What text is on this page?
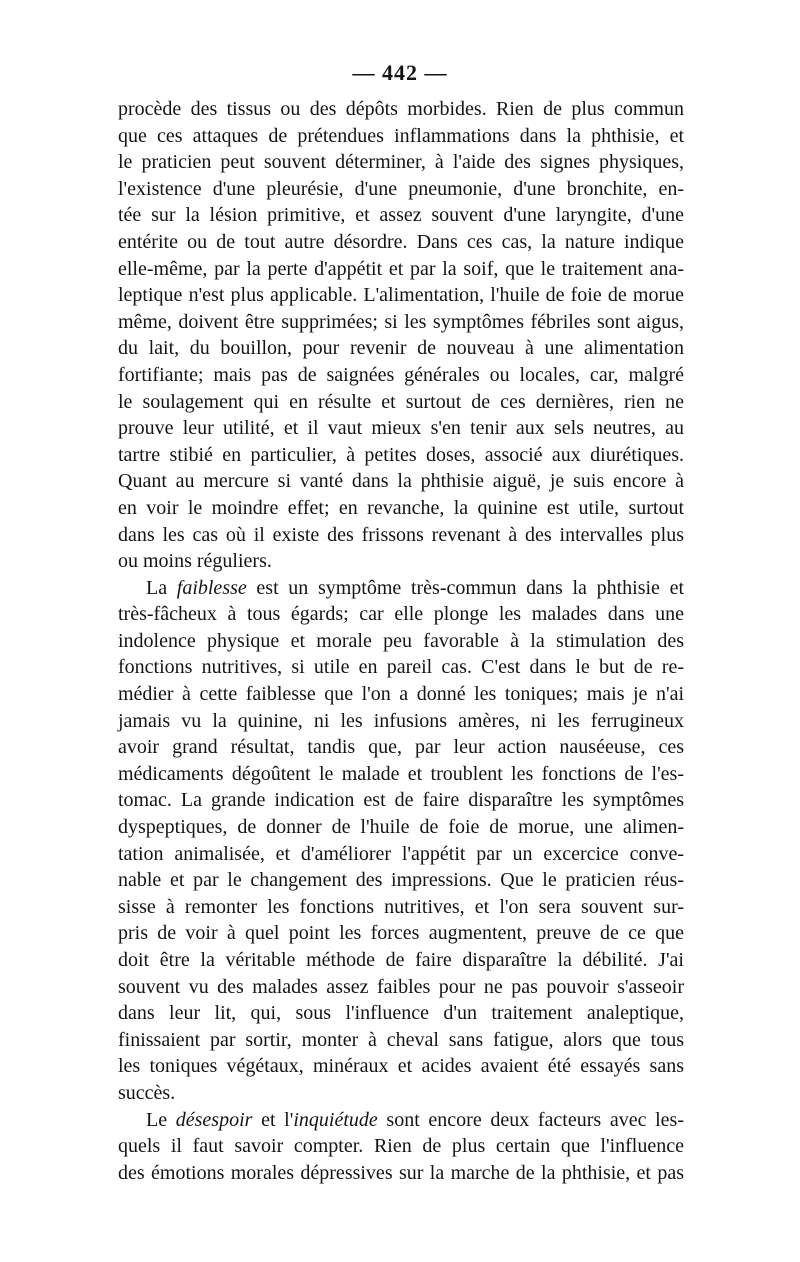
— 442 —
procède des tissus ou des dépôts morbides. Rien de plus commun
que ces attaques de prétendues inflammations dans la phthisie, et
le praticien peut souvent déterminer, à l'aide des signes physiques,
l'existence d'une pleurésie, d'une pneumonie, d'une bronchite, en-
tée sur la lésion primitive, et assez souvent d'une laryngite, d'une
entérite ou de tout autre désordre. Dans ces cas, la nature indique
elle-même, par la perte d'appétit et par la soif, que le traitement ana-
leptique n'est plus applicable. L'alimentation, l'huile de foie de morue
même, doivent être supprimées; si les symptômes fébriles sont aigus,
du lait, du bouillon, pour revenir de nouveau à une alimentation
fortifiante; mais pas de saignées générales ou locales, car, malgré
le soulagement qui en résulte et surtout de ces dernières, rien ne
prouve leur utilité, et il vaut mieux s'en tenir aux sels neutres, au
tartre stibié en particulier, à petites doses, associé aux diurétiques.
Quant au mercure si vanté dans la phthisie aiguë, je suis encore à
en voir le moindre effet; en revanche, la quinine est utile, surtout
dans les cas où il existe des frissons revenant à des intervalles plus
ou moins réguliers.
La faiblesse est un symptôme très-commun dans la phthisie et
très-fâcheux à tous égards; car elle plonge les malades dans une
indolence physique et morale peu favorable à la stimulation des
fonctions nutritives, si utile en pareil cas. C'est dans le but de re-
médier à cette faiblesse que l'on a donné les toniques; mais je n'ai
jamais vu la quinine, ni les infusions amères, ni les ferrugineux
avoir grand résultat, tandis que, par leur action nauséeuse, ces
médicaments dégoûtent le malade et troublent les fonctions de l'es-
tomac. La grande indication est de faire disparaître les symptômes
dyspeptiques, de donner de l'huile de foie de morue, une alimen-
tation animalisée, et d'améliorer l'appétit par un excercice conve-
nable et par le changement des impressions. Que le praticien réus-
sisse à remonter les fonctions nutritives, et l'on sera souvent sur-
pris de voir à quel point les forces augmentent, preuve de ce que
doit être la véritable méthode de faire disparaître la débilité. J'ai
souvent vu des malades assez faibles pour ne pas pouvoir s'asseoir
dans leur lit, qui, sous l'influence d'un traitement analeptique,
finissaient par sortir, monter à cheval sans fatigue, alors que tous
les toniques végétaux, minéraux et acides avaient été essayés sans
succès.
Le désespoir et l'inquiétude sont encore deux facteurs avec les-
quels il faut savoir compter. Rien de plus certain que l'influence
des émotions morales dépressives sur la marche de la phthisie, et pas
